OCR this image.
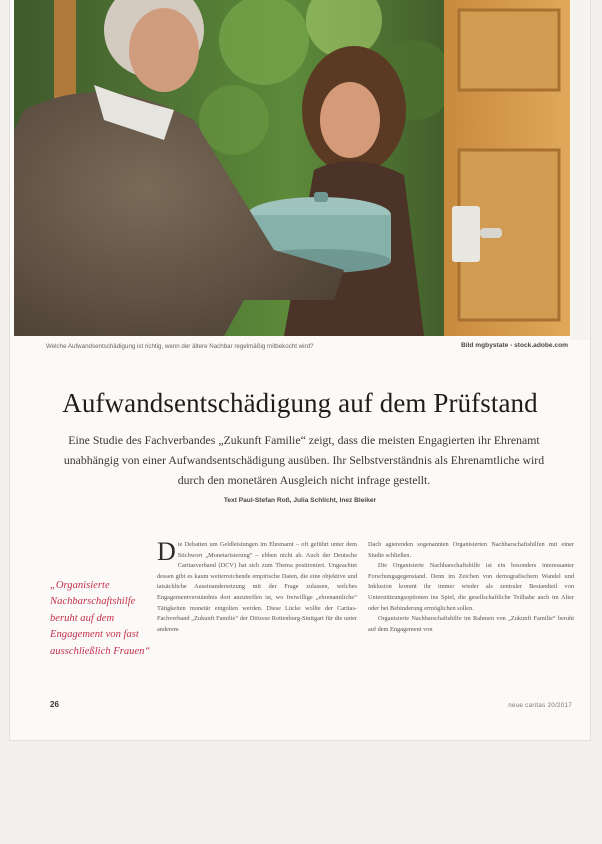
Welche Aufwandsentschädigung ist richtig, wenn der ältere Nachbar regelmäßig mitbekocht wird?	Bild mgbystate - stock.adobe.com
Aufwandsentschädigung auf dem Prüfstand
Eine Studie des Fachverbandes „Zukunft Familie“ zeigt, dass die meisten Engagierten ihr Ehrenamt unabhängig von einer Aufwandsentschädigung ausüben. Ihr Selbstverständnis als Ehrenamtliche wird durch den monetären Ausgleich nicht infrage gestellt.
Text Paul-Stefan Roß, Julia Schlicht, Inez Bleiker
„Organisierte Nachbarschaftshilfe beruht auf dem Engagement von fast ausschließlich Frauen“

Die Debatten um Geldleistungen im Ehrenamt – oft geführt unter dem Stichwort „Monetarisierung“ – ebben nicht ab. Auch der Deutsche Caritasverband (DCV) hat sich zum Thema positioniert. Ungeachtet dessen gibt es kaum weiterreichende empirische Daten, die eine objektive und tatsächliche Auseinandersetzung mit der Frage zulassen, welches Engagementverständnis dort anzutreffen ist, wo freiwillige „ehrenamtliche“ Tätigkeiten monetär entgolten werden. Diese Lücke wollte der Caritas-Fachverband „Zukunft Familie“ der Diözese Rottenburg-Stuttgart für die unter anderem

Dach agierenden sogenannten Organisierten Nachbarschaftshilfen mit einer Studie schließen.

Die Organisierte Nachbarschaftshilfe ist ein besonders interessanter Forschungsgegenstand. Denn im Zeichen von demografischem Wandel und Inklusion kommt ihr immer wieder als zentraler Bestandteil von Unterstützungsoptionen ins Spiel, die gesellschaftliche Teilhabe auch im Alter oder bei Behinderung ermöglichen sollen.

Organisierte Nachbarschaftshilfe im Rahmen von „Zukunft Familie“ beruht auf dem Engagement von

26	neue caritas 20/2017
